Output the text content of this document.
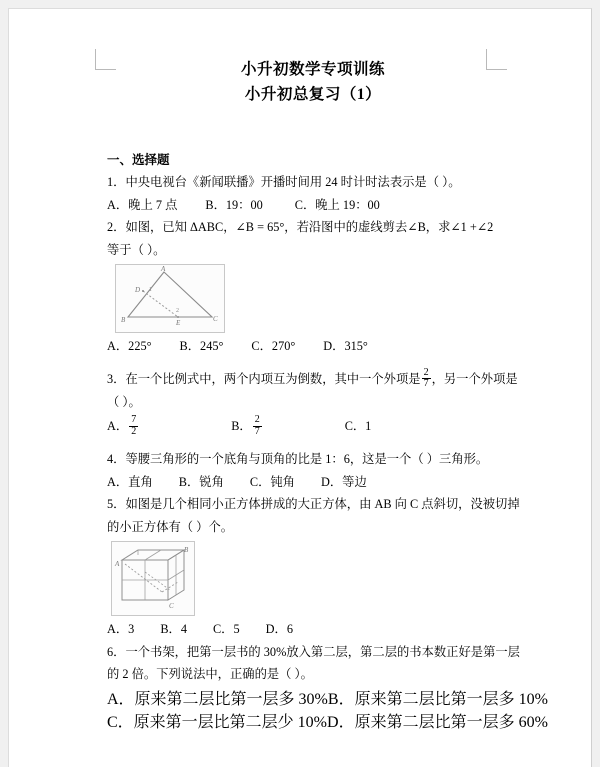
小升初数学专项训练
小升初总复习（1）
一、选择题
1．中央电视台《新闻联播》开播时间用 24 时计时法表示是（ ）。
A．晚上 7 点 B．19：00	C．晚上 19：00
2．如图，已知 ΔABC，∠B = 65°，若沿图中的虚线剪去∠B，求∠1 +∠2
等于（ ）。
A
B	C
D
E
1
2
A．225° B．245° C．270° D．315°
3．在一个比例式中，两个内项互为倒数，其中一个外项是 $\frac{2}{7}$ ，另一个外项是
（ ）。
A． $\frac{7}{2}$	B． $\frac{2}{7}$	C．1
4．等腰三角形的一个底角与顶角的比是 1：6，这是一个（ ）三角形。
A．直角 B．锐角 C．钝角 D．等边
5．如图是几个相同小正方体拼成的大正方体，由 AB 向 C 点斜切，没被切掉
的小正方体有（ ）个。
A
B
C
A．3 B．4 C．5 D．6
6．一个书架，把第一层书的 30%放入第二层，第二层的书本数正好是第一层
的 2 倍。下列说法中，正确的是（ ）。
A．原来第二层比第一层多 30% B．原来第二层比第一层多 10%
C．原来第一层比第二层少 10% D．原来第二层比第一层多 60%
